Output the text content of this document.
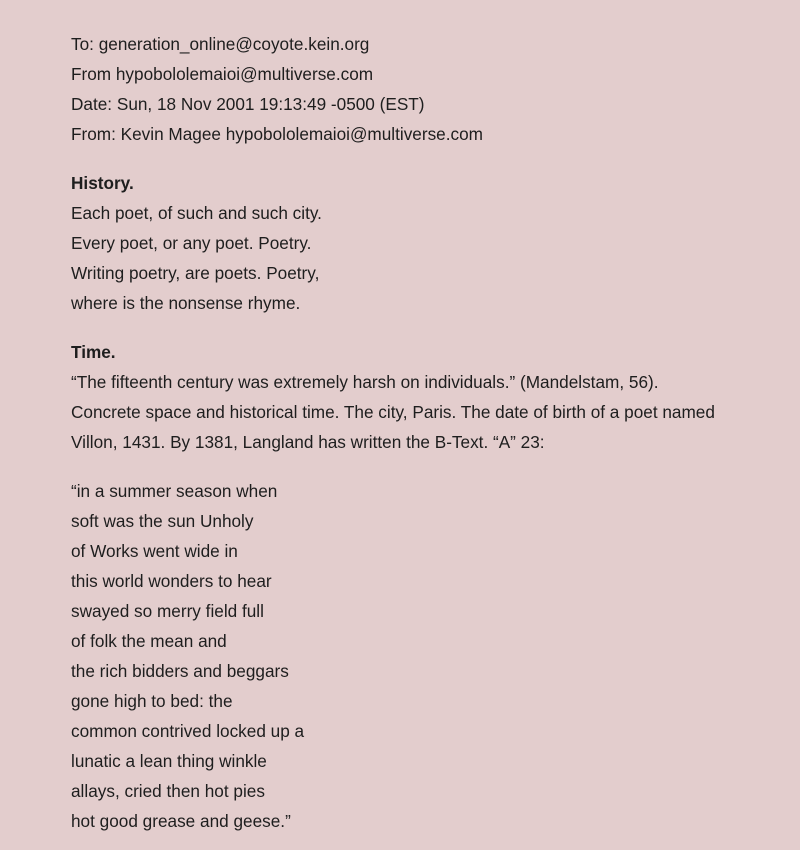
To: generation_online@coyote.kein.org
From hypobololemaioi@multiverse.com
Date: Sun, 18 Nov 2001 19:13:49 -0500 (EST)
From: Kevin Magee hypobololemaioi@multiverse.com
History.
Each poet, of such and such city.
Every poet, or any poet. Poetry.
Writing poetry, are poets. Poetry,
where is the nonsense rhyme.
Time.
“The fifteenth century was extremely harsh on individuals.” (Mandelstam, 56).
Concrete space and historical time. The city, Paris. The date of birth of a poet named
Villon, 1431. By 1381, Langland has written the B-Text. “A” 23:
“in a summer season when
soft was the sun Unholy
of Works went wide in
this world wonders to hear
swayed so merry field full
of folk the mean and
the rich bidders and beggars
gone high to bed: the
common contrived locked up a
lunatic a lean thing winkle
allays, cried then hot pies
hot good grease and geese.”
